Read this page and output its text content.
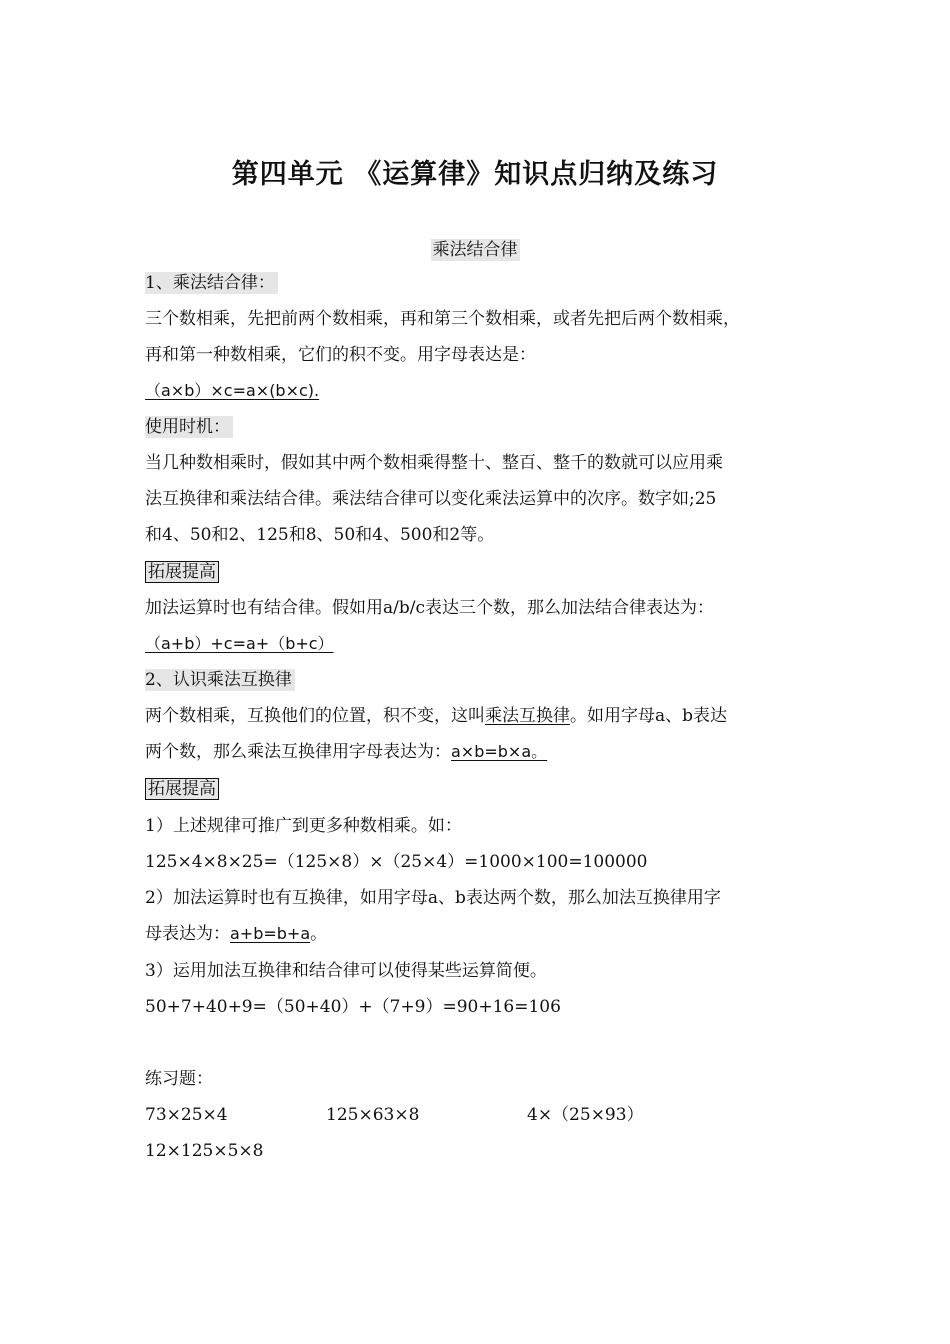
第四单元 《运算律》知识点归纳及练习
乘法结合律
1、乘法结合律：
三个数相乘，先把前两个数相乘，再和第三个数相乘，或者先把后两个数相乘，
再和第一种数相乘，它们的积不变。用字母表达是：
（a×b）×c=a×(b×c).
使用时机：
当几种数相乘时，假如其中两个数相乘得整十、整百、整千的数就可以应用乘
法互换律和乘法结合律。乘法结合律可以变化乘法运算中的次序。数字如;25
和4、50和2、125和8、50和4、500和2等。
拓展提高
加法运算时也有结合律。假如用a/b/c表达三个数，那么加法结合律表达为：
（a+b）+c=a+（b+c）
2、认识乘法互换律
两个数相乘，互换他们的位置，积不变，这叫乘法互换律。如用字母a、b表达
两个数，那么乘法互换律用字母表达为：a×b=b×a。
拓展提高
1）上述规律可推广到更多种数相乘。如：
125×4×8×25=（125×8）×（25×4）=1000×100=100000
2）加法运算时也有互换律，如用字母a、b表达两个数，那么加法互换律用字
母表达为：a+b=b+a。
3）运用加法互换律和结合律可以使得某些运算简便。
50+7+40+9=（50+40）+（7+9）=90+16=106
练习题：
73×25×4	125×63×8	4×（25×93）
12×125×5×8
